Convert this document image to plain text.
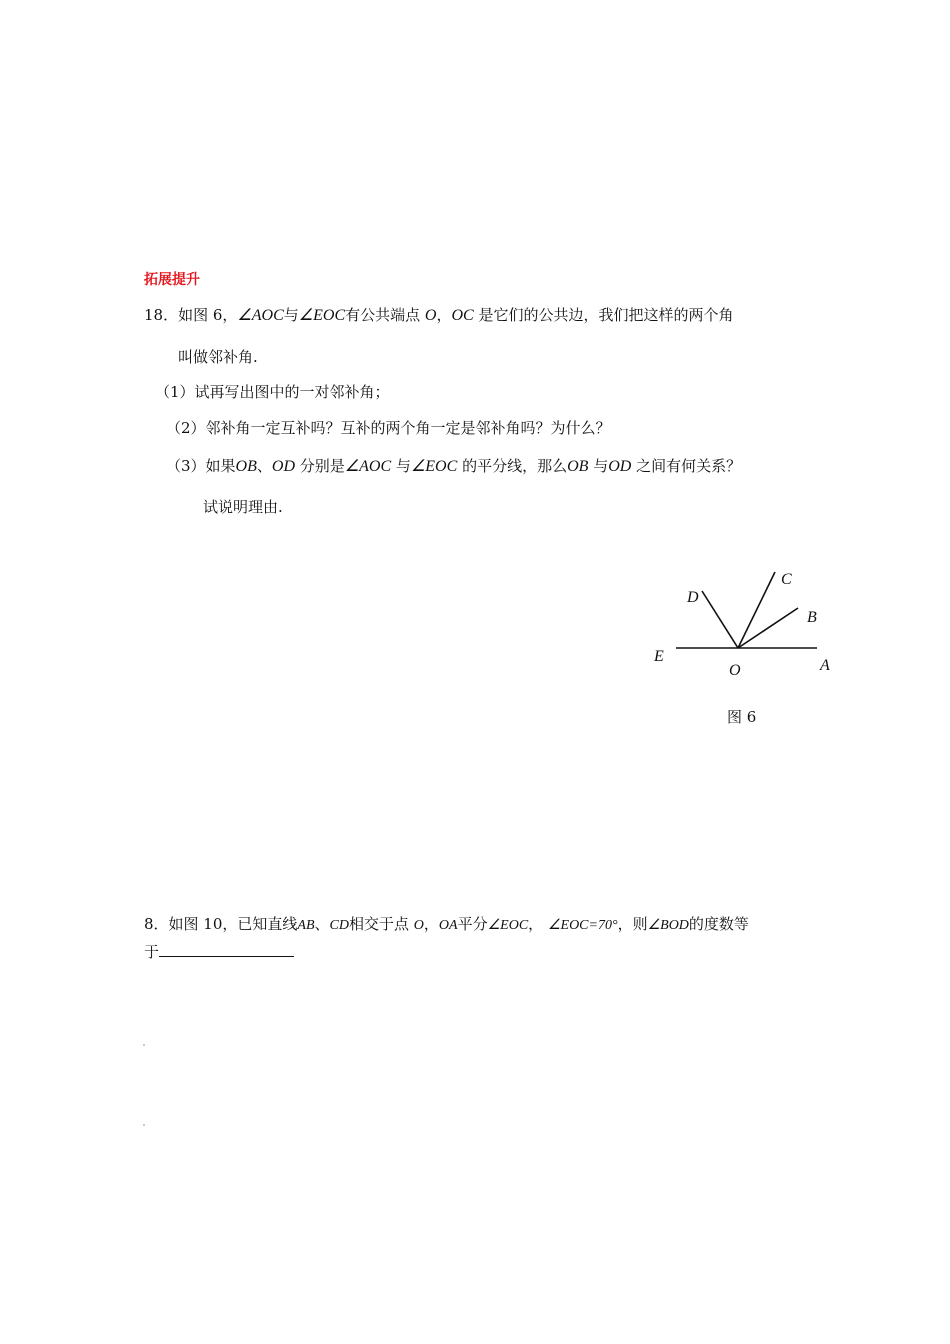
拓展提升
18．如图 6，∠AOC与∠EOC有公共端点 O，OC 是它们的公共边，我们把这样的两个角
叫做邻补角.
（1）试再写出图中的一对邻补角；
（2）邻补角一定互补吗？互补的两个角一定是邻补角吗？为什么？
（3）如果OB、OD 分别是∠AOC 与∠EOC 的平分线，那么OB 与OD 之间有何关系？
试说明理由.
C
D
B
E
O	A
图 6
8．如图 10，已知直线AB、CD相交于点 O，OA平分∠EOC， ∠EOC=70°，则∠BOD的度数等
于
